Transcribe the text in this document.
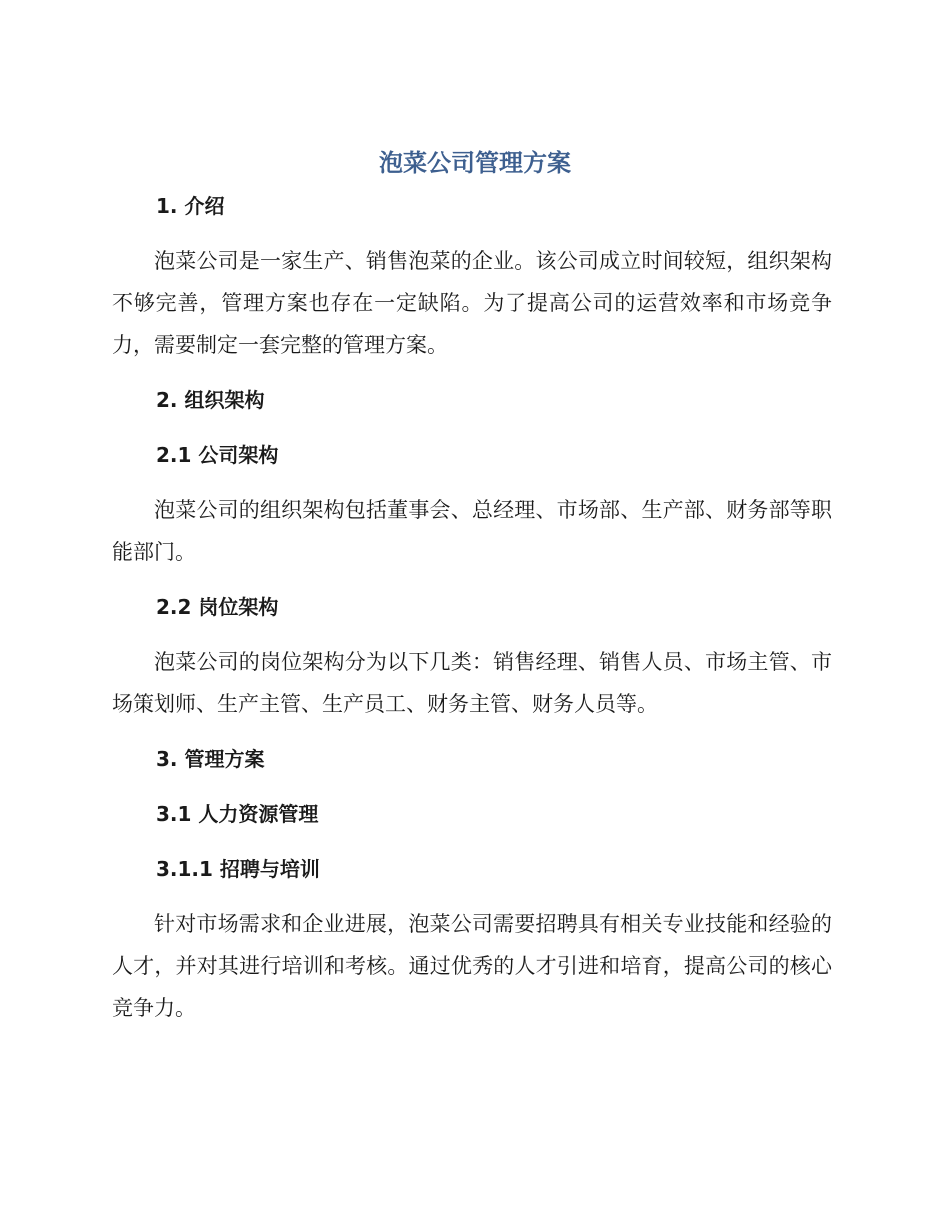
泡菜公司管理方案
1. 介绍
泡菜公司是一家生产、销售泡菜的企业。该公司成立时间较短，组织架构不够完善，管理方案也存在一定缺陷。为了提高公司的运营效率和市场竞争力，需要制定一套完整的管理方案。
2. 组织架构
2.1 公司架构
泡菜公司的组织架构包括董事会、总经理、市场部、生产部、财务部等职能部门。
2.2 岗位架构
泡菜公司的岗位架构分为以下几类：销售经理、销售人员、市场主管、市场策划师、生产主管、生产员工、财务主管、财务人员等。
3. 管理方案
3.1 人力资源管理
3.1.1 招聘与培训
针对市场需求和企业进展，泡菜公司需要招聘具有相关专业技能和经验的人才，并对其进行培训和考核。通过优秀的人才引进和培育，提高公司的核心竞争力。
